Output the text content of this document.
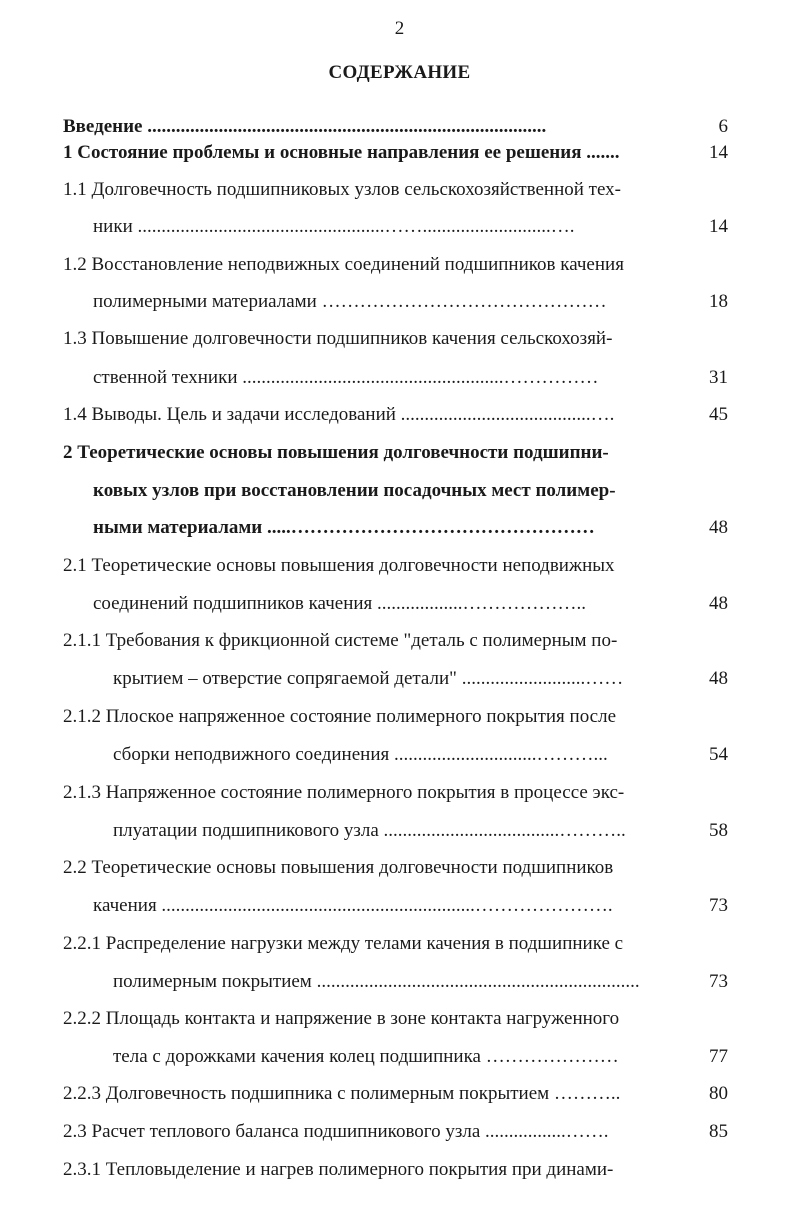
2
СОДЕРЖАНИЕ
Введение ....................................................................................	6
1 Состояние проблемы и основные направления ее решения .......	14
1.1 Долговечность подшипниковых узлов сельскохозяйственной тех-
ники ....................................................……...........................….	14
1.2 Восстановление неподвижных соединений подшипников качения
полимерными материалами ………………………………………	18
1.3 Повышение долговечности подшипников качения сельскохозяй-
ственной техники .......................................................……………	31
1.4 Выводы. Цель и задачи исследований ........................................….	45
2 Теоретические основы повышения долговечности подшипни-
ковых узлов при восстановлении посадочных мест полимер-
ными материалами .....…………………………………………	48
2.1 Теоретические основы повышения долговечности неподвижных
соединений подшипников качения ..................………………..	48
2.1.1 Требования к фрикционной системе "деталь с полимерным по-
крытием – отверстие сопрягаемой детали" ..........................……	48
2.1.2 Плоское напряженное состояние полимерного покрытия после
сборки неподвижного соединения ..............................………...	54
2.1.3 Напряженное состояние полимерного покрытия в процессе экс-
плуатации подшипникового узла .....................................………..	58
2.2 Теоретические основы повышения долговечности подшипников
качения ..................................................................………………….	73
2.2.1 Распределение нагрузки между телами качения в подшипнике с
полимерным покрытием ....................................................................	73
2.2.2 Площадь контакта и напряжение в зоне контакта нагруженного
тела с дорожками качения колец подшипника …………………	77
2.2.3 Долговечность подшипника с полимерным покрытием ………..	80
2.3 Расчет теплового баланса подшипникового узла .................…….	85
2.3.1 Тепловыделение и нагрев полимерного покрытия при динами-
